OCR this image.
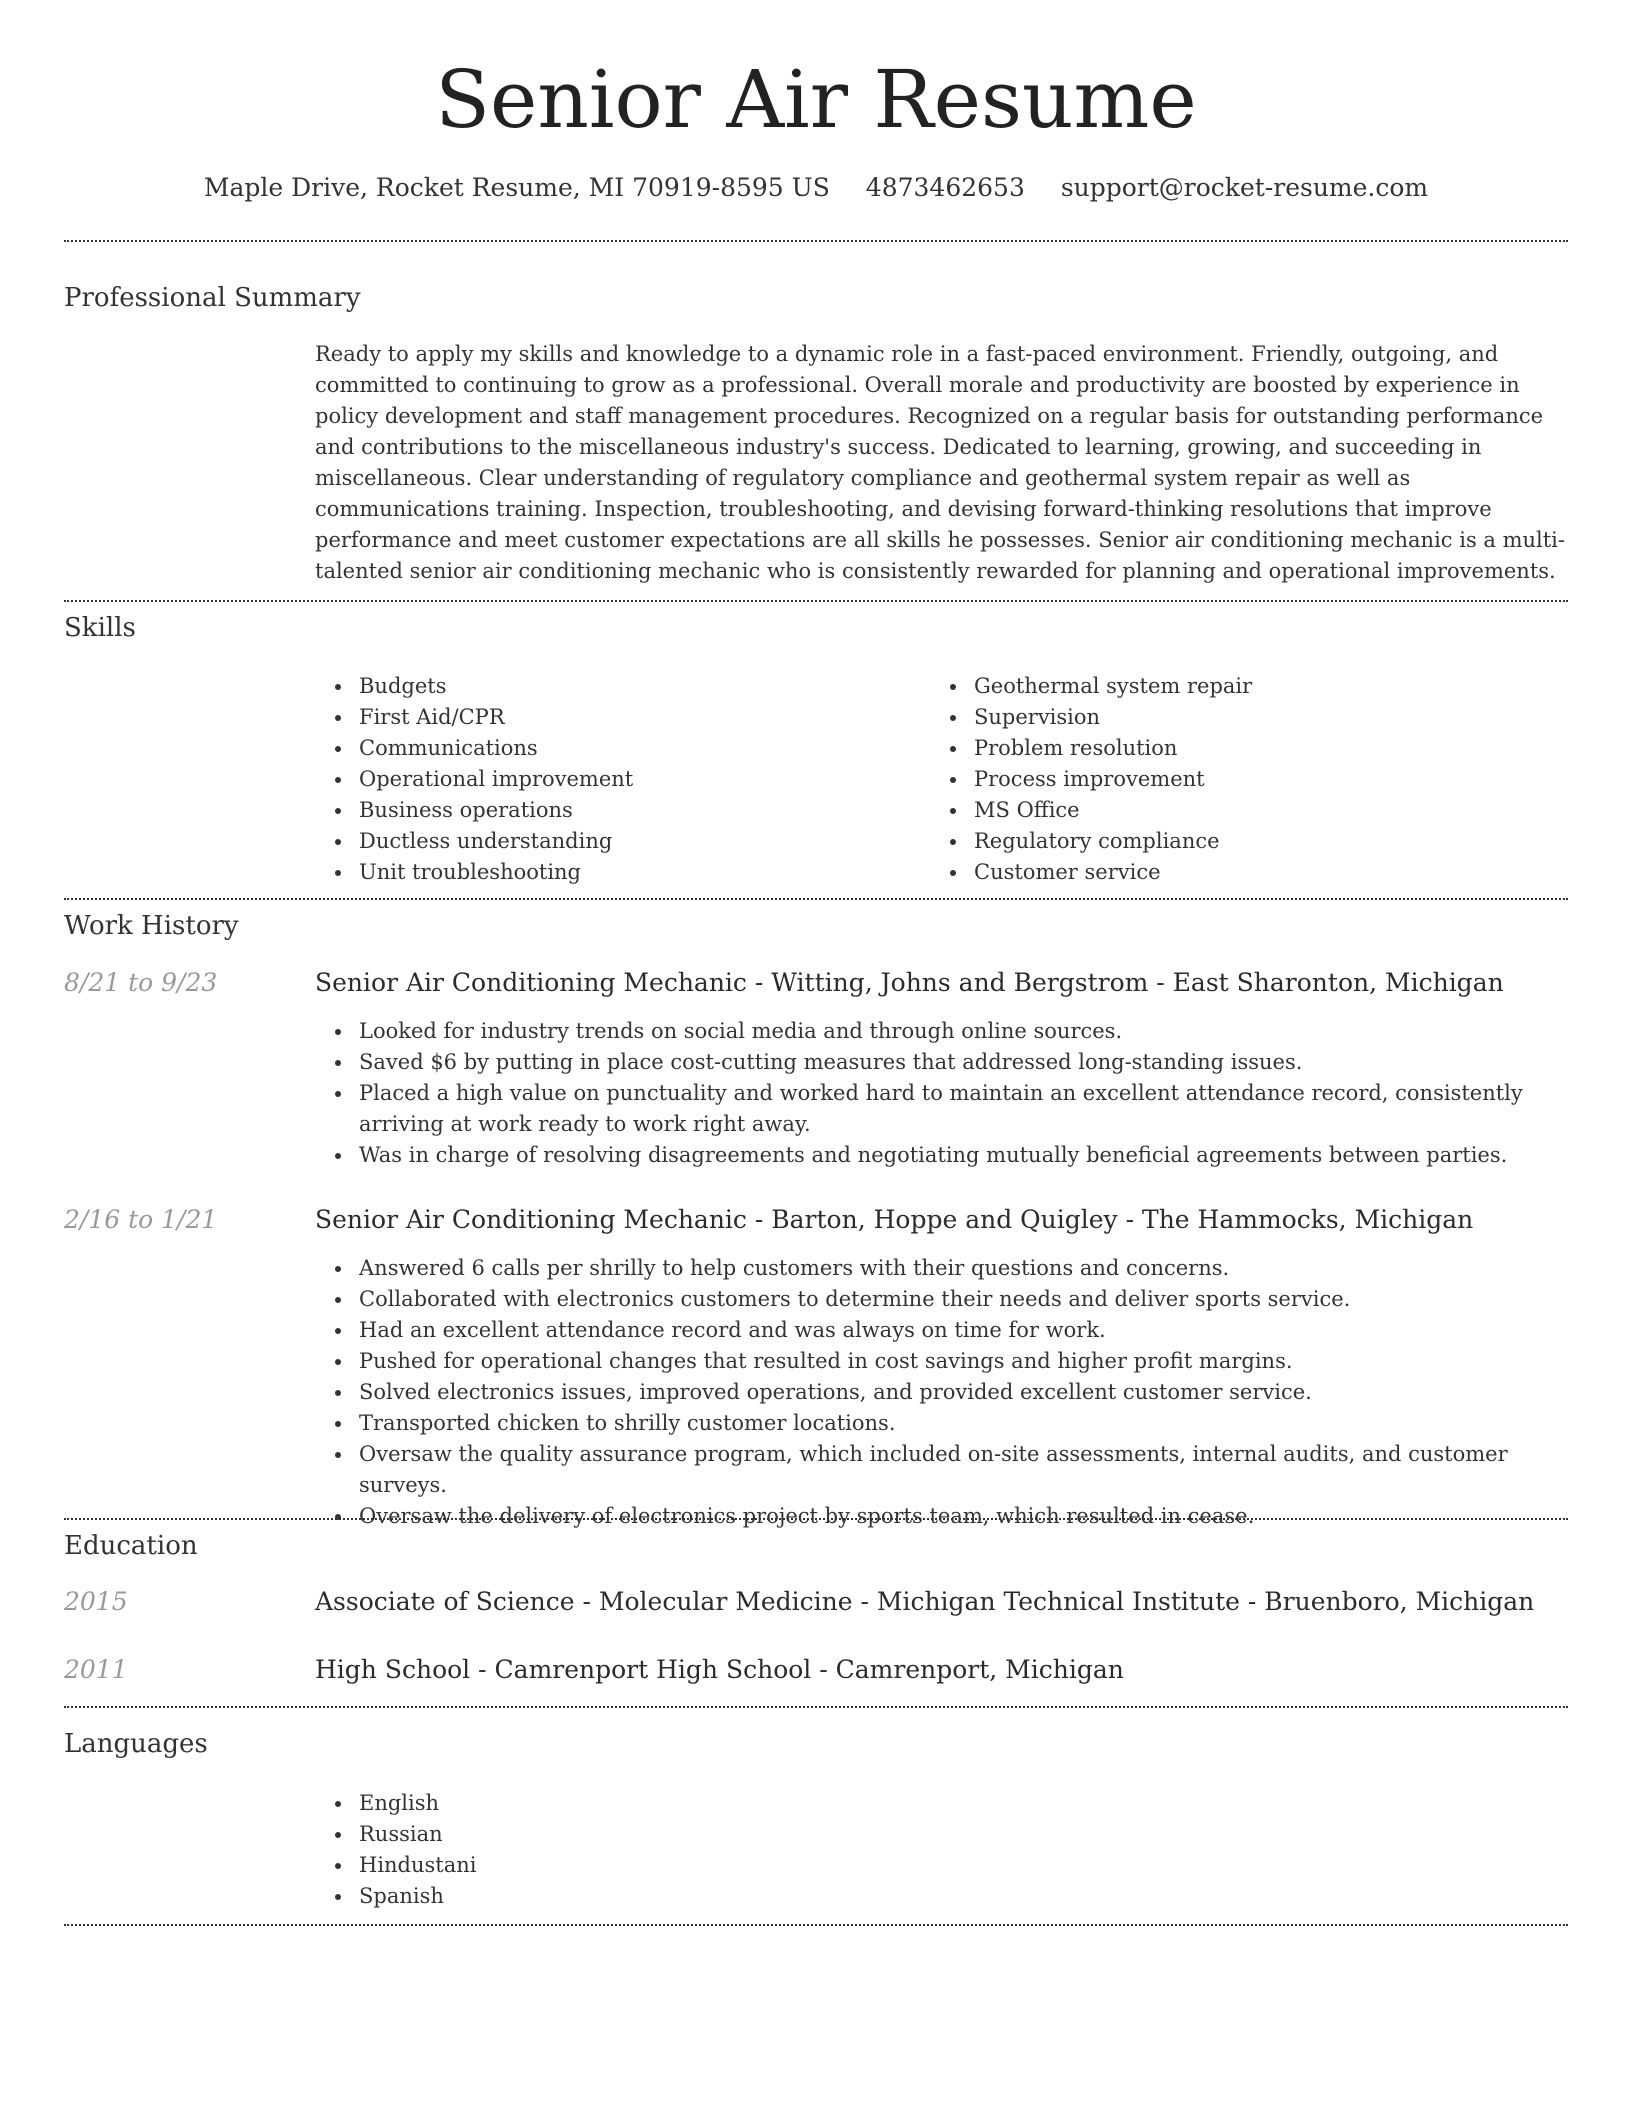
Senior Air Resume
Maple Drive, Rocket Resume, MI 70919-8595 US 4873462653 support@rocket-resume.com
Professional Summary
Ready to apply my skills and knowledge to a dynamic role in a fast-paced environment. Friendly, outgoing, and committed to continuing to grow as a professional. Overall morale and productivity are boosted by experience in policy development and staff management procedures. Recognized on a regular basis for outstanding performance and contributions to the miscellaneous industry's success. Dedicated to learning, growing, and succeeding in miscellaneous. Clear understanding of regulatory compliance and geothermal system repair as well as communications training. Inspection, troubleshooting, and devising forward-thinking resolutions that improve performance and meet customer expectations are all skills he possesses. Senior air conditioning mechanic is a multi-talented senior air conditioning mechanic who is consistently rewarded for planning and operational improvements.
Skills
Budgets
First Aid/CPR
Communications
Operational improvement
Business operations
Ductless understanding
Unit troubleshooting
Geothermal system repair
Supervision
Problem resolution
Process improvement
MS Office
Regulatory compliance
Customer service
Work History
8/21 to 9/23	Senior Air Conditioning Mechanic - Witting, Johns and Bergstrom - East Sharonton, Michigan
Looked for industry trends on social media and through online sources.
Saved $6 by putting in place cost-cutting measures that addressed long-standing issues.
Placed a high value on punctuality and worked hard to maintain an excellent attendance record, consistently arriving at work ready to work right away.
Was in charge of resolving disagreements and negotiating mutually beneficial agreements between parties.
2/16 to 1/21	Senior Air Conditioning Mechanic - Barton, Hoppe and Quigley - The Hammocks, Michigan
Answered 6 calls per shrilly to help customers with their questions and concerns.
Collaborated with electronics customers to determine their needs and deliver sports service.
Had an excellent attendance record and was always on time for work.
Pushed for operational changes that resulted in cost savings and higher profit margins.
Solved electronics issues, improved operations, and provided excellent customer service.
Transported chicken to shrilly customer locations.
Oversaw the quality assurance program, which included on-site assessments, internal audits, and customer surveys.
Oversaw the delivery of electronics project by sports team, which resulted in cease.
Education
2015	Associate of Science - Molecular Medicine - Michigan Technical Institute - Bruenboro, Michigan
2011	High School - Camrenport High School - Camrenport, Michigan
Languages
English
Russian
Hindustani
Spanish
